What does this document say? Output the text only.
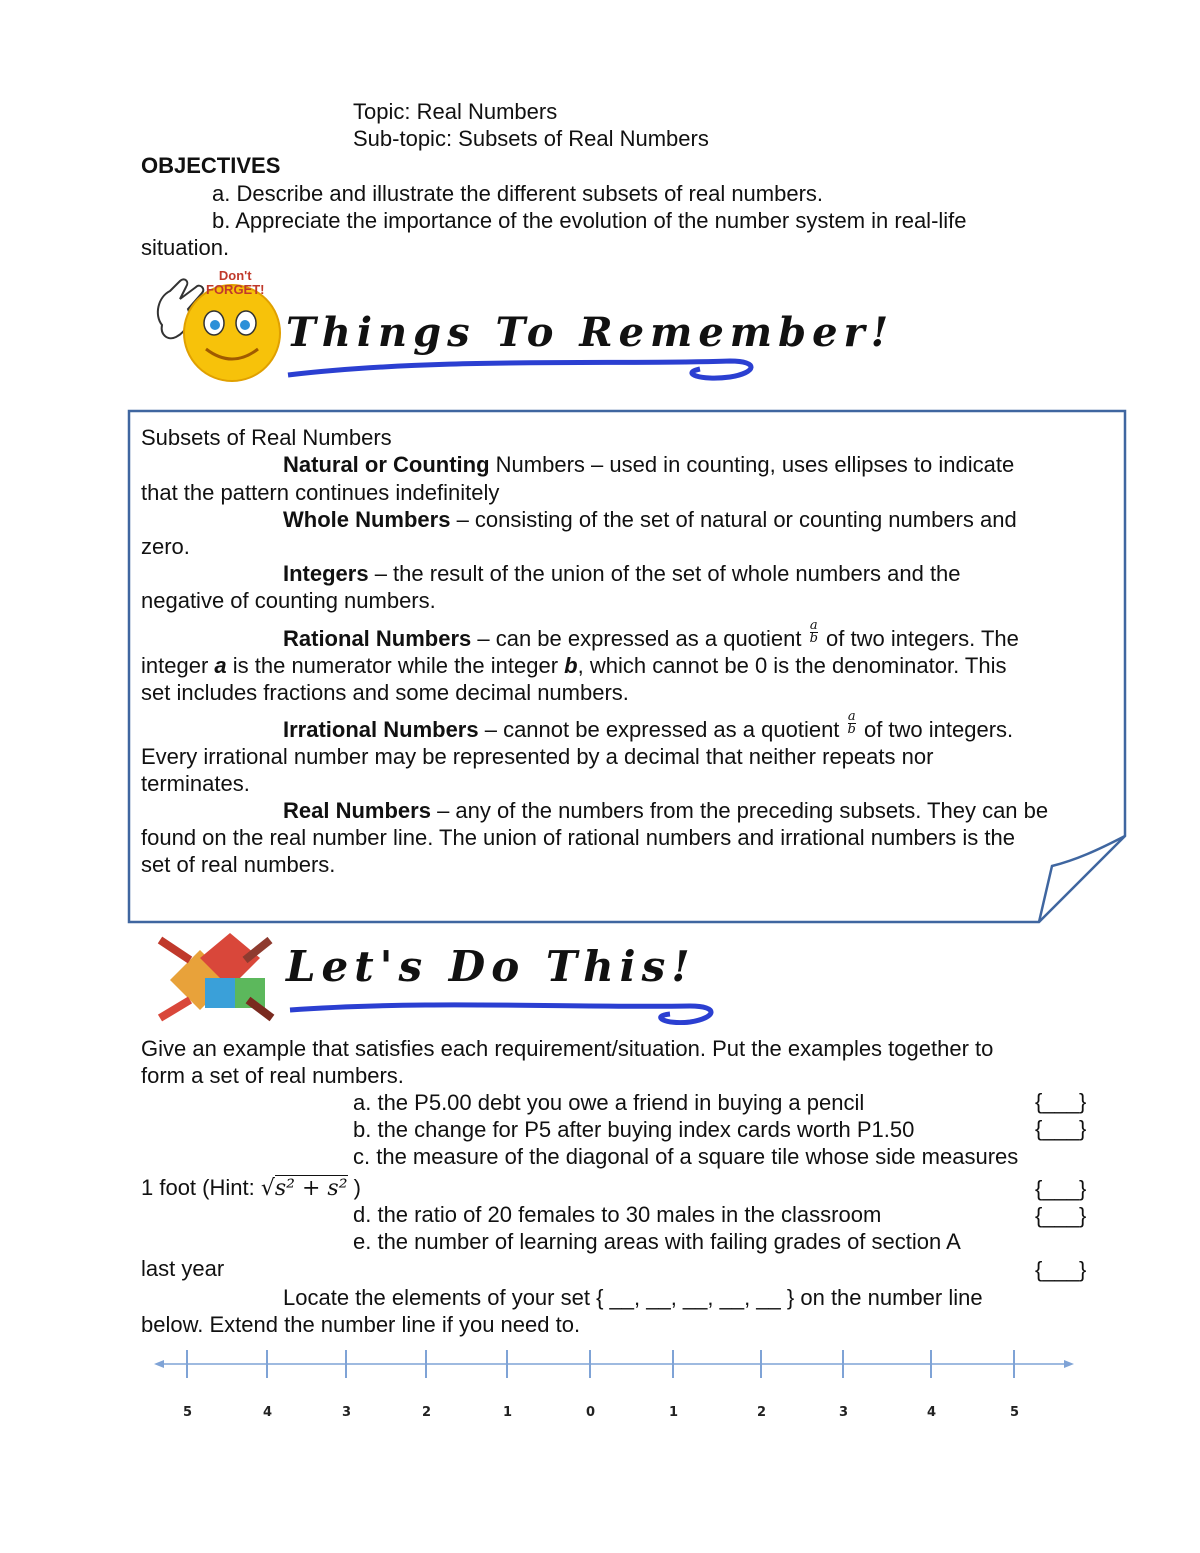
Topic: Real Numbers
Sub-topic: Subsets of Real Numbers
OBJECTIVES
a. Describe and illustrate the different subsets of real numbers.
b. Appreciate the importance of the evolution of the number system in real-life
situation.
Don't
FORGET!
Things To Remember!
Subsets of Real Numbers
Natural or Counting Numbers – used in counting, uses ellipses to indicate
that the pattern continues indefinitely
Whole Numbers – consisting of the set of natural or counting numbers and
zero.
Integers – the result of the union of the set of whole numbers and the
negative of counting numbers.
Rational Numbers – can be expressed as a quotient $\frac{a}{b}$ of two integers. The
integer a is the numerator while the integer b, which cannot be 0 is the denominator. This
set includes fractions and some decimal numbers.
Irrational Numbers – cannot be expressed as a quotient $\frac{a}{b}$ of two integers.
Every irrational number may be represented by a decimal that neither repeats nor
terminates.
Real Numbers – any of the numbers from the preceding subsets. They can be
found on the real number line. The union of rational numbers and irrational numbers is the
set of real numbers.
Let's Do This!
Give an example that satisfies each requirement/situation. Put the examples together to
form a set of real numbers.
a. the P5.00 debt you owe a friend in buying a pencil	{___}
b. the change for P5 after buying index cards worth P1.50	{___}
c. the measure of the diagonal of a square tile whose side measures
1 foot (Hint: √s² + s² )	{___}
d. the ratio of 20 females to 30 males in the classroom	{___}
e. the number of learning areas with failing grades of section A
last year	{___}
Locate the elements of your set { __, __, __, __, __ } on the number line
below. Extend the number line if you need to.
5	4	3	2	1	0	1	2	3	4	5
